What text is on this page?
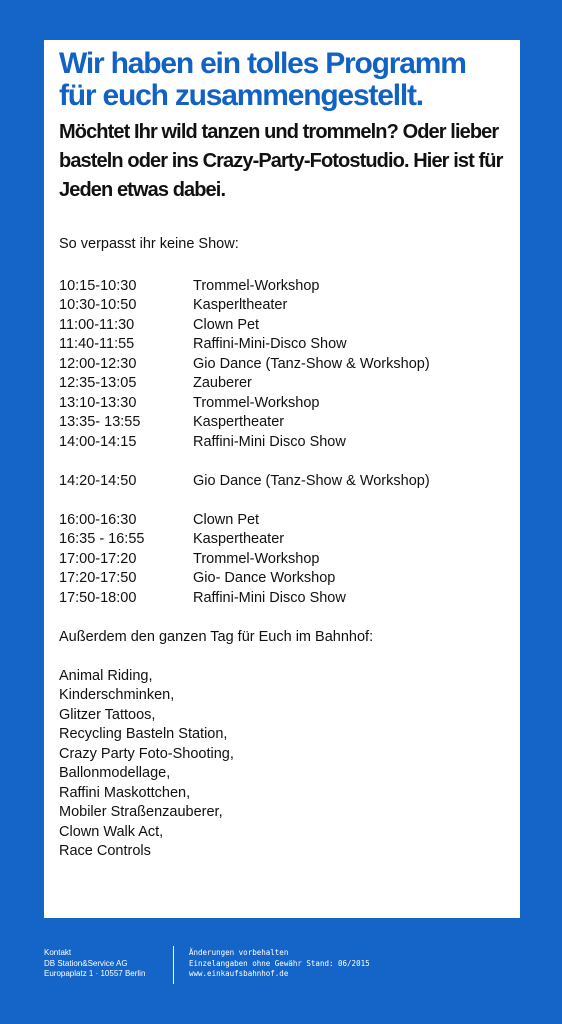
Wir haben ein tolles Programm für euch zusammengestellt.

Möchtet Ihr wild tanzen und trommeln? Oder lieber basteln oder ins Crazy-Party-Fotostudio. Hier ist für Jeden etwas dabei.

So verpasst ihr keine Show:

10:15-10:30	Trommel-Workshop
10:30-10:50	Kasperltheater
11:00-11:30	Clown Pet
11:40-11:55	Raffini-Mini-Disco Show
12:00-12:30	Gio Dance (Tanz-Show & Workshop)
12:35-13:05	Zauberer
13:10-13:30	Trommel-Workshop
13:35- 13:55	Kaspertheater
14:00-14:15	Raffini-Mini Disco Show
14:20-14:50	Gio Dance (Tanz-Show & Workshop)
16:00-16:30	Clown Pet
16:35 - 16:55	Kaspertheater
17:00-17:20	Trommel-Workshop
17:20-17:50	Gio- Dance Workshop
17:50-18:00	Raffini-Mini Disco Show
Außerdem den ganzen Tag für Euch im Bahnhof:
Animal Riding,
Kinderschminken,
Glitzer Tattoos,
Recycling Basteln Station,
Crazy Party Foto-Shooting,
Ballonmodellage,
Raffini Maskottchen,
Mobiler Straßenzauberer,
Clown Walk Act,
Race Controls
Kontakt
DB Station&Service AG
Europaplatz 1 · 10557 Berlin
Änderungen vorbehalten
Einzelangaben ohne Gewähr Stand: 06/2015
www.einkaufsbahnhof.de
